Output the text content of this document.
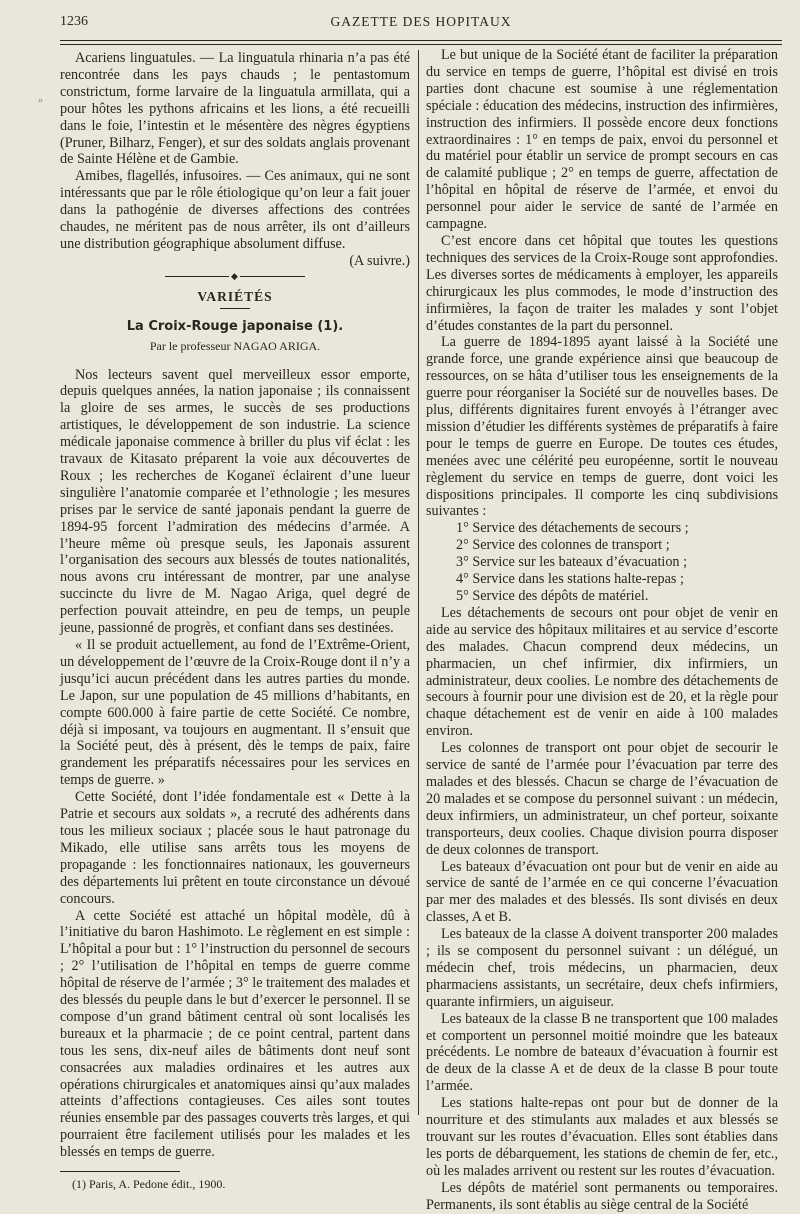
1236	GAZETTE DES HOPITAUX
»

Acariens linguatules. — La linguatula rhinaria n’a pas été rencontrée dans les pays chauds ; le pentastomum constrictum, forme larvaire de la linguatula armillata, qui a pour hôtes les pythons africains et les lions, a été recueilli dans le foie, l’intestin et le mésentère des nègres égyptiens (Pruner, Bilharz, Fenger), et sur des soldats anglais provenant de Sainte Hélène et de Gambie.

Amibes, flagellés, infusoires. — Ces animaux, qui ne sont intéressants que par le rôle étiologique qu’on leur a fait jouer dans la pathogénie de diverses affections des contrées chaudes, ne méritent pas de nous arrêter, ils ont d’ailleurs une distribution géographique absolument diffuse.

(A suivre.)

◆
VARIÉTÉS
La Croix-Rouge japonaise (1).
Par le professeur NAGAO ARIGA.

Nos lecteurs savent quel merveilleux essor emporte, depuis quelques années, la nation japonaise ; ils connaissent la gloire de ses armes, le succès de ses productions artistiques, le développement de son industrie. La science médicale japonaise commence à briller du plus vif éclat : les travaux de Kitasato préparent la voie aux découvertes de Roux ; les recherches de Koganeï éclairent d’une lueur singulière l’anatomie comparée et l’ethnologie ; les mesures prises par le service de santé japonais pendant la guerre de 1894-95 forcent l’admiration des médecins d’armée. A l’heure même où presque seuls, les Japonais assurent l’organisation des secours aux blessés de toutes nationalités, nous avons cru intéressant de montrer, par une analyse succincte du livre de M. Nagao Ariga, quel degré de perfection pouvait atteindre, en peu de temps, un peuple jeune, passionné de progrès, et confiant dans ses destinées.

« Il se produit actuellement, au fond de l’Extrême-Orient, un développement de l’œuvre de la Croix-Rouge dont il n’y a jusqu’ici aucun précédent dans les autres parties du monde. Le Japon, sur une population de 45 millions d’habitants, en compte 600.000 à faire partie de cette Société. Ce nombre, déjà si imposant, va toujours en augmentant. Il s’ensuit que la Société peut, dès à présent, dès le temps de paix, faire grandement les préparatifs nécessaires pour les services en temps de guerre. »

Cette Société, dont l’idée fondamentale est « Dette à la Patrie et secours aux soldats », a recruté des adhérents dans tous les milieux sociaux ; placée sous le haut patronage du Mikado, elle utilise sans arrêts tous les moyens de propagande : les fonctionnaires nationaux, les gouverneurs des départements lui prêtent en toute circonstance un dévoué concours.

A cette Société est attaché un hôpital modèle, dû à l’initiative du baron Hashimoto. Le règlement en est simple : L’hôpital a pour but : 1° l’instruction du personnel de secours ; 2° l’utilisation de l’hôpital en temps de guerre comme hôpital de réserve de l’armée ; 3° le traitement des malades et des blessés du peuple dans le but d’exercer le personnel. Il se compose d’un grand bâtiment central où sont localisés les bureaux et la pharmacie ; de ce point central, partent dans tous les sens, dix-neuf ailes de bâtiments dont neuf sont consacrées aux maladies ordinaires et les autres aux opérations chirurgicales et anatomiques ainsi qu’aux malades atteints d’affections contagieuses. Ces ailes sont toutes réunies ensemble par des passages couverts très larges, et qui pourraient être facilement utilisés pour les malades et les blessés en temps de guerre.

(1) Paris, A. Pedone édit., 1900.

Le but unique de la Société étant de faciliter la préparation du service en temps de guerre, l’hôpital est divisé en trois parties dont chacune est soumise à une réglementation spéciale : éducation des médecins, instruction des infirmières, instruction des infirmiers. Il possède encore deux fonctions extraordinaires : 1° en temps de paix, envoi du personnel et du matériel pour établir un service de prompt secours en cas de calamité publique ; 2° en temps de guerre, affectation de l’hôpital en hôpital de réserve de l’armée, et envoi du personnel pour aider le service de santé de l’armée en campagne.

C’est encore dans cet hôpital que toutes les questions techniques des services de la Croix-Rouge sont approfondies. Les diverses sortes de médicaments à employer, les appareils chirurgicaux les plus commodes, le mode d’instruction des infirmières, la façon de traiter les malades y sont l’objet d’études constantes de la part du personnel.

La guerre de 1894-1895 ayant laissé à la Société une grande force, une grande expérience ainsi que beaucoup de ressources, on se hâta d’utiliser tous les enseignements de la guerre pour réorganiser la Société sur de nouvelles bases. De plus, différents dignitaires furent envoyés à l’étranger avec mission d’étudier les différents systèmes de préparatifs à faire pour le temps de guerre en Europe. De toutes ces études, menées avec une célérité peu européenne, sortit le nouveau règlement du service en temps de guerre, dont voici les dispositions principales. Il comporte les cinq subdivisions suivantes :

1° Service des détachements de secours ;

2° Service des colonnes de transport ;

3° Service sur les bateaux d’évacuation ;

4° Service dans les stations halte-repas ;

5° Service des dépôts de matériel.

Les détachements de secours ont pour objet de venir en aide au service des hôpitaux militaires et au service d’escorte des malades. Chacun comprend deux médecins, un pharmacien, un chef infirmier, dix infirmiers, un administrateur, deux coolies. Le nombre des détachements de secours à fournir pour une division est de 20, et la règle pour chaque détachement est de venir en aide à 100 malades environ.

Les colonnes de transport ont pour objet de secourir le service de santé de l’armée pour l’évacuation par terre des malades et des blessés. Chacun se charge de l’évacuation de 20 malades et se compose du personnel suivant : un médecin, deux infirmiers, un administrateur, un chef porteur, soixante transporteurs, deux coolies. Chaque division pourra disposer de deux colonnes de transport.

Les bateaux d’évacuation ont pour but de venir en aide au service de santé de l’armée en ce qui concerne l’évacuation par mer des malades et des blessés. Ils sont divisés en deux classes, A et B.

Les bateaux de la classe A doivent transporter 200 malades ; ils se composent du personnel suivant : un délégué, un médecin chef, trois médecins, un pharmacien, deux pharmaciens assistants, un secrétaire, deux chefs infirmiers, quarante infirmiers, un aiguiseur.

Les bateaux de la classe B ne transportent que 100 malades et comportent un personnel moitié moindre que les bateaux précédents. Le nombre de bateaux d’évacuation à fournir est de deux de la classe A et de deux de la classe B pour toute l’armée.

Les stations halte-repas ont pour but de donner de la nourriture et des stimulants aux malades et aux blessés se trouvant sur les routes d’évacuation. Elles sont établies dans les ports de débarquement, les stations de chemin de fer, etc., où les malades arrivent ou restent sur les routes d’évacuation.

Les dépôts de matériel sont permanents ou temporaires. Permanents, ils sont établis au siège central de la Société
